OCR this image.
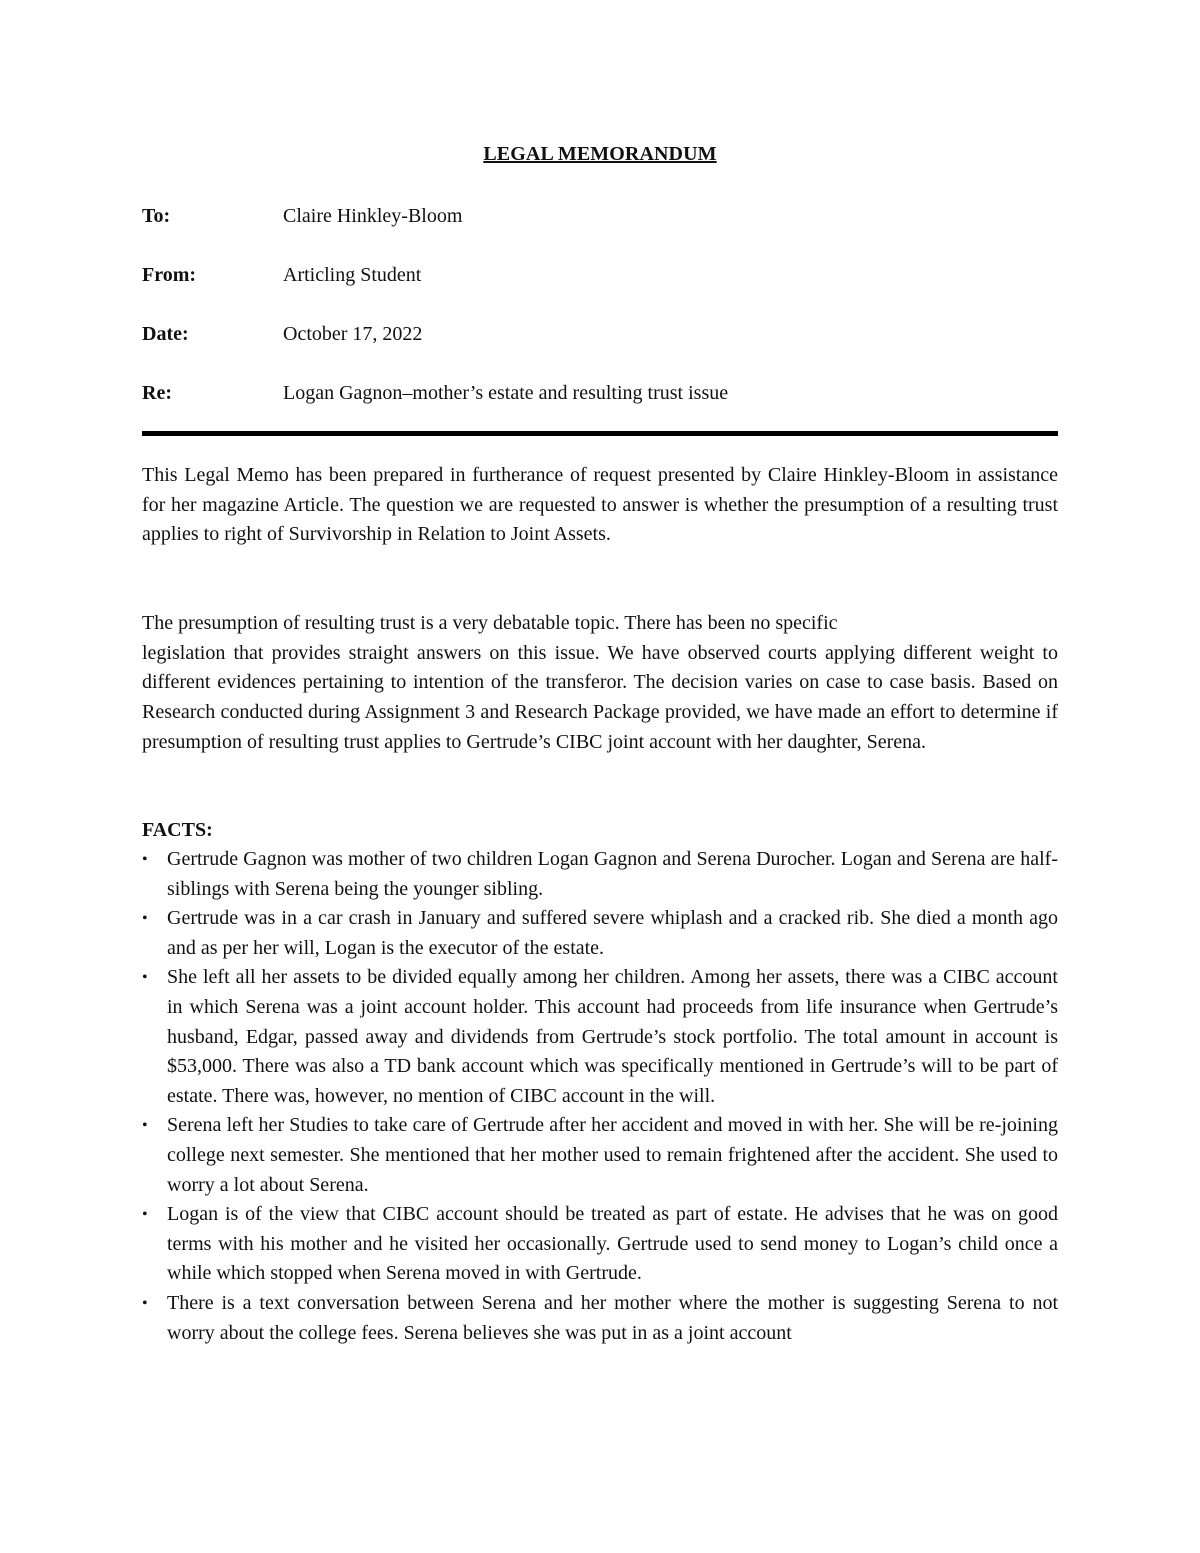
LEGAL MEMORANDUM
To:	Claire Hinkley-Bloom
From:	Articling Student
Date:	October 17, 2022
Re:	Logan Gagnon–mother’s estate and resulting trust issue

This Legal Memo has been prepared in furtherance of request presented by Claire Hinkley-Bloom in assistance for her magazine Article. The question we are requested to answer is whether the presumption of a resulting trust applies to right of Survivorship in Relation to Joint Assets.

The presumption of resulting trust is a very debatable topic. There has been no specific
legislation that provides straight answers on this issue. We have observed courts applying different weight to different evidences pertaining to intention of the transferor. The decision varies on case to case basis. Based on Research conducted during Assignment 3 and Research Package provided, we have made an effort to determine if presumption of resulting trust applies to Gertrude’s CIBC joint account with her daughter, Serena.
FACTS:
• Gertrude Gagnon was mother of two children Logan Gagnon and Serena Durocher. Logan and Serena are half-siblings with Serena being the younger sibling.
• Gertrude was in a car crash in January and suffered severe whiplash and a cracked rib. She died a month ago and as per her will, Logan is the executor of the estate.
• She left all her assets to be divided equally among her children. Among her assets, there was a CIBC account in which Serena was a joint account holder. This account had proceeds from life insurance when Gertrude’s husband, Edgar, passed away and dividends from Gertrude’s stock portfolio. The total amount in account is $53,000. There was also a TD bank account which was specifically mentioned in Gertrude’s will to be part of estate. There was, however, no mention of CIBC account in the will.
• Serena left her Studies to take care of Gertrude after her accident and moved in with her. She will be re-joining college next semester. She mentioned that her mother used to remain frightened after the accident. She used to worry a lot about Serena.
• Logan is of the view that CIBC account should be treated as part of estate. He advises that he was on good terms with his mother and he visited her occasionally. Gertrude used to send money to Logan’s child once a while which stopped when Serena moved in with Gertrude.
• There is a text conversation between Serena and her mother where the mother is suggesting Serena to not worry about the college fees. Serena believes she was put in as a joint account
